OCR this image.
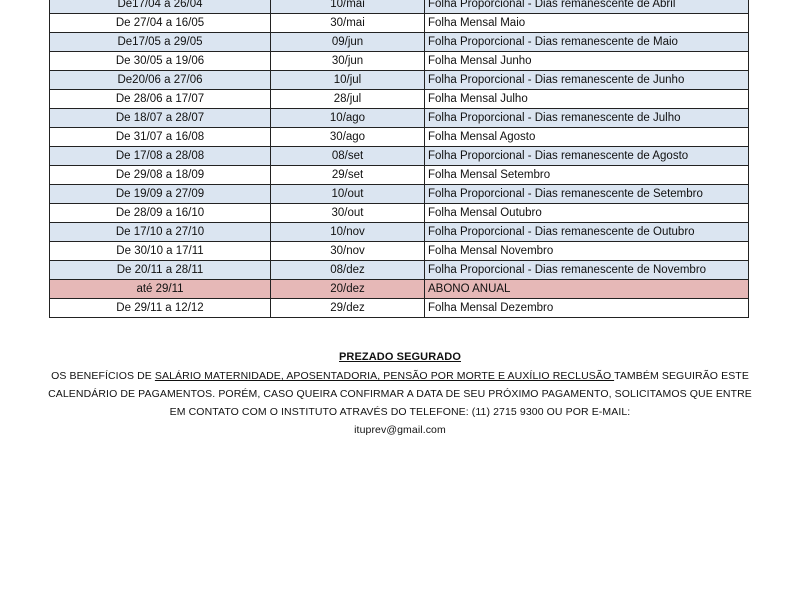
De17/04 a 26/04	10/mai	Folha Proporcional - Dias remanescente de Abril
De 27/04 a 16/05	30/mai	Folha Mensal Maio
De17/05 a 29/05	09/jun	Folha Proporcional - Dias remanescente de Maio
De 30/05 a 19/06	30/jun	Folha Mensal Junho
De20/06 a 27/06	10/jul	Folha Proporcional - Dias remanescente de Junho
De 28/06 a 17/07	28/jul	Folha Mensal Julho
De 18/07 a 28/07	10/ago	Folha Proporcional - Dias remanescente de Julho
De 31/07 a 16/08	30/ago	Folha Mensal Agosto
De 17/08 a 28/08	08/set	Folha Proporcional - Dias remanescente de Agosto
De 29/08 a 18/09	29/set	Folha Mensal Setembro
De 19/09 a 27/09	10/out	Folha Proporcional - Dias remanescente de Setembro
De 28/09 a 16/10	30/out	Folha Mensal Outubro
De 17/10 a 27/10	10/nov	Folha Proporcional - Dias remanescente de Outubro
De 30/10 a 17/11	30/nov	Folha Mensal Novembro
De 20/11 a 28/11	08/dez	Folha Proporcional - Dias remanescente de Novembro
até 29/11	20/dez	ABONO ANUAL
De 29/11 a 12/12	29/dez	Folha Mensal Dezembro
PREZADO SEGURADO
OS BENEFÍCIOS DE SALÁRIO MATERNIDADE, APOSENTADORIA, PENSÃO POR MORTE E AUXÍLIO RECLUSÃO TAMBÉM SEGUIRÃO ESTE CALENDÁRIO DE PAGAMENTOS. PORÉM, CASO QUEIRA CONFIRMAR A DATA DE SEU PRÓXIMO PAGAMENTO, SOLICITAMOS QUE ENTRE EM CONTATO COM O INSTITUTO ATRAVÉS DO TELEFONE: (11) 2715 9300 OU POR E-MAIL:
ituprev@gmail.com
